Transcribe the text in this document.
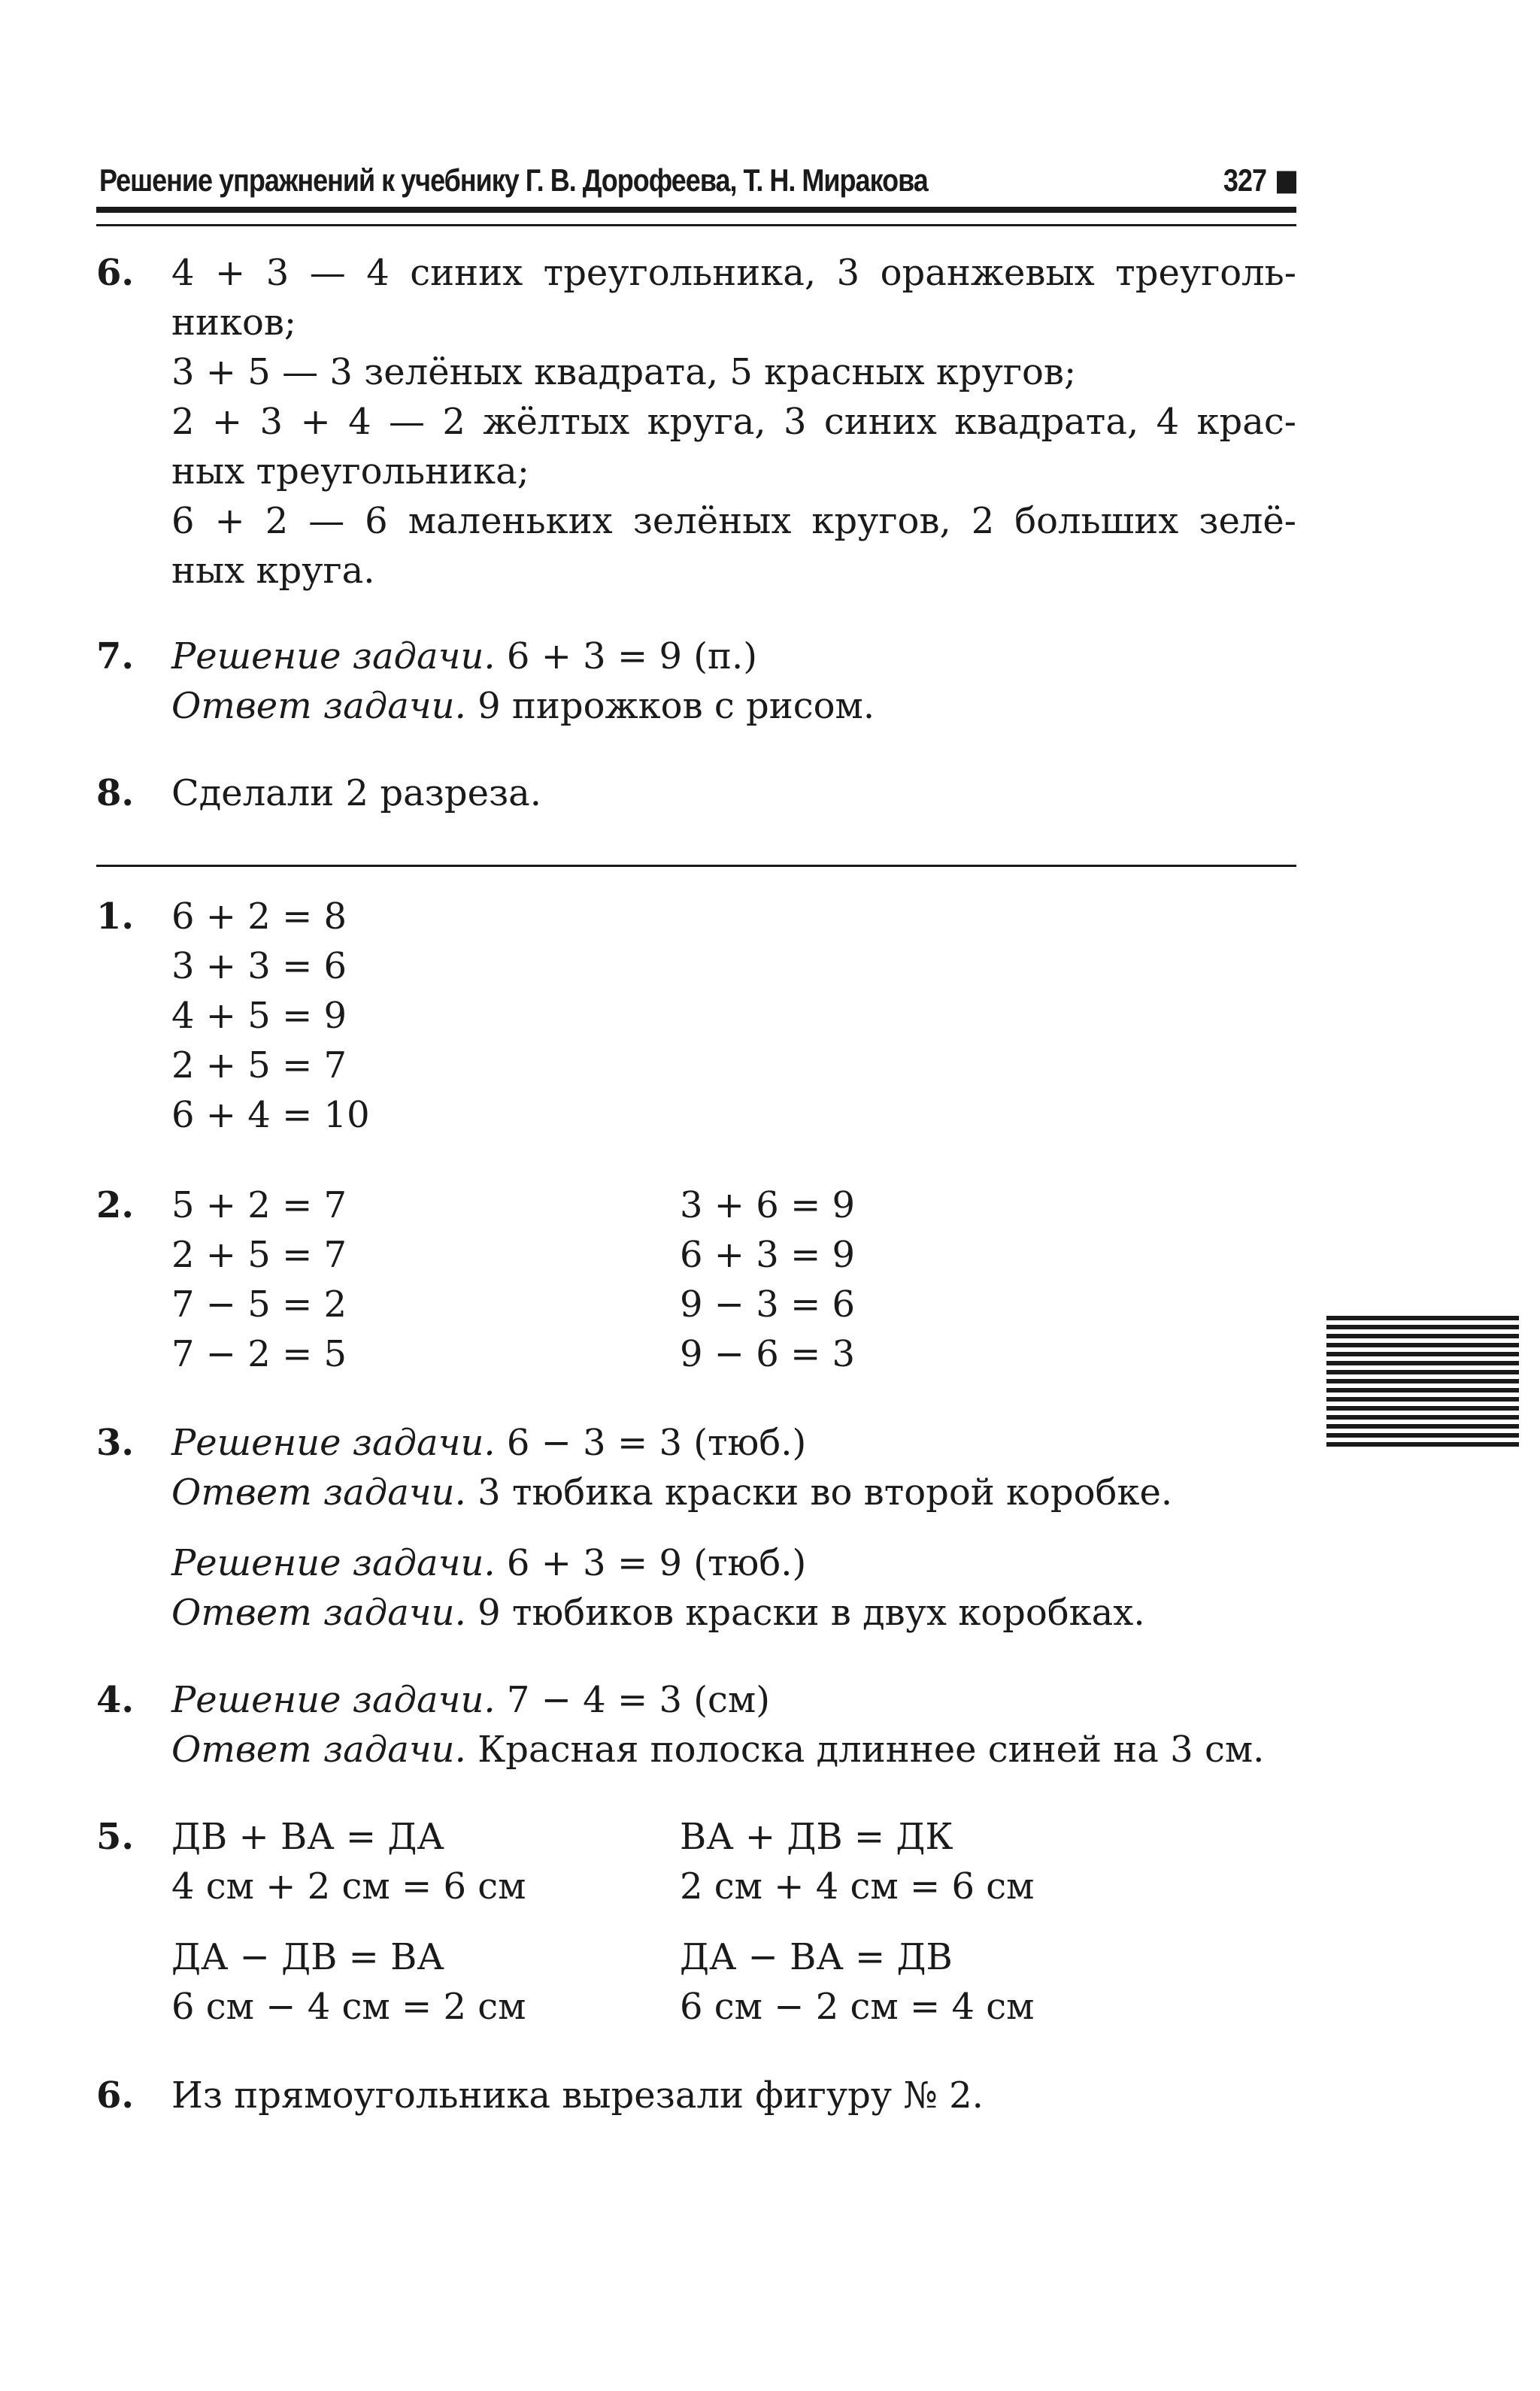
Решение упражнений к учебнику Г. В. Дорофеева, Т. Н. Миракова	327
6. 4 + 3 — 4 синих треугольника, 3 оранжевых треуголь-
ников;
3 + 5 — 3 зелёных квадрата, 5 красных кругов;
2 + 3 + 4 — 2 жёлтых круга, 3 синих квадрата, 4 крас-
ных треугольника;
6 + 2 — 6 маленьких зелёных кругов, 2 больших зелё-
ных круга.
7. Решение задачи. 6 + 3 = 9 (п.)
Ответ задачи. 9 пирожков с рисом.
8. Сделали 2 разреза.
1. 6 + 2 = 8
3 + 3 = 6
4 + 5 = 9
2 + 5 = 7
6 + 4 = 10
2. 5 + 2 = 7
2 + 5 = 7
7 − 5 = 2
7 − 2 = 5
3 + 6 = 9
6 + 3 = 9
9 − 3 = 6
9 − 6 = 3
3. Решение задачи. 6 − 3 = 3 (тюб.)
Ответ задачи. 3 тюбика краски во второй коробке.
Решение задачи. 6 + 3 = 9 (тюб.)
Ответ задачи. 9 тюбиков краски в двух коробках.
4. Решение задачи. 7 − 4 = 3 (см)
Ответ задачи. Красная полоска длиннее синей на 3 см.
5. ДВ + ВА = ДА
4 см + 2 см = 6 см
ДА − ДВ = ВА
6 см − 4 см = 2 см
ВА + ДВ = ДК
2 см + 4 см = 6 см
ДА − ВА = ДВ
6 см − 2 см = 4 см
6. Из прямоугольника вырезали фигуру № 2.
